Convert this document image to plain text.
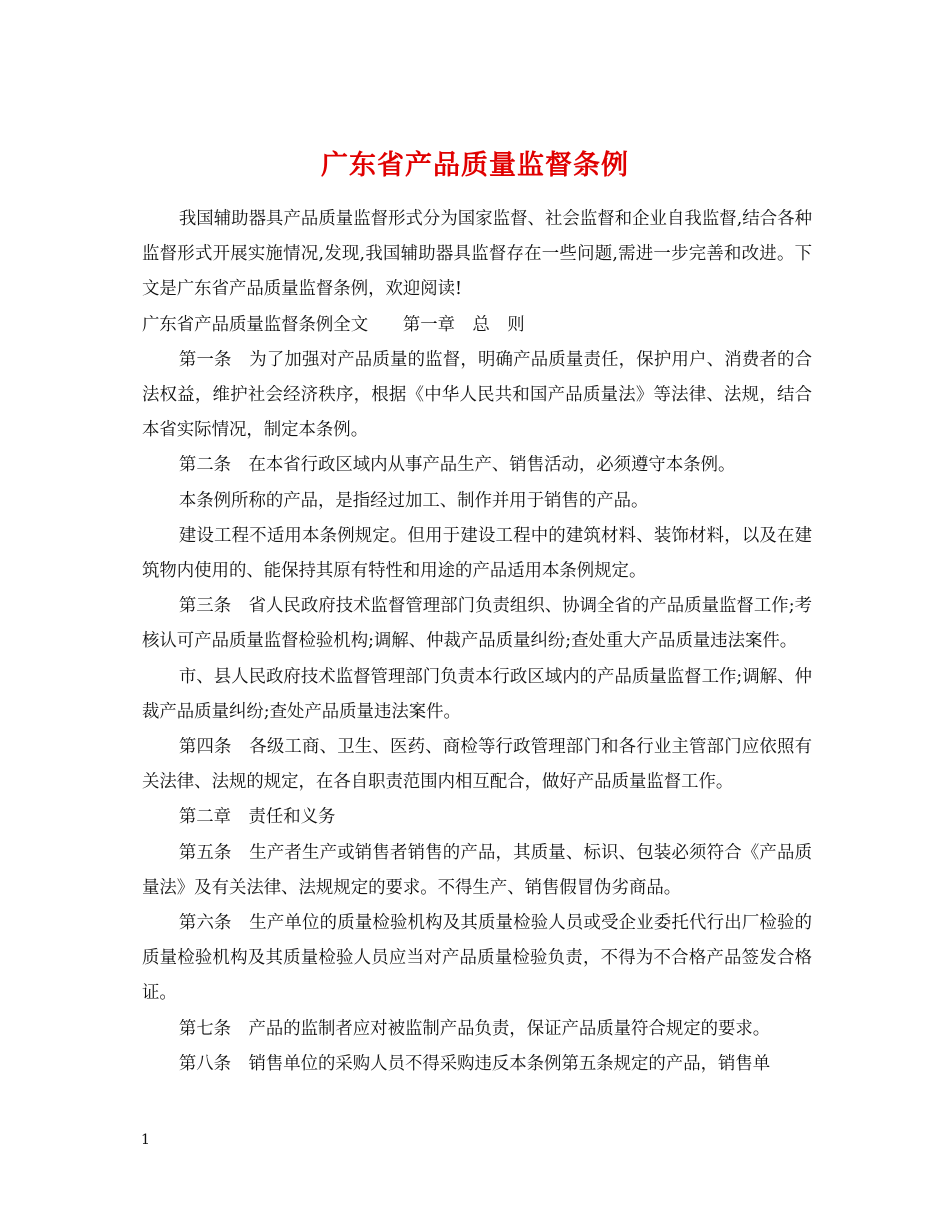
广东省产品质量监督条例

我国辅助器具产品质量监督形式分为国家监督、社会监督和企业自我监督,结合各种监督形式开展实施情况,发现,我国辅助器具监督存在一些问题,需进一步完善和改进。下文是广东省产品质量监督条例，欢迎阅读!

广东省产品质量监督条例全文　　第一章　总　则

第一条　为了加强对产品质量的监督，明确产品质量责任，保护用户、消费者的合法权益，维护社会经济秩序，根据《中华人民共和国产品质量法》等法律、法规，结合本省实际情况，制定本条例。

第二条　在本省行政区域内从事产品生产、销售活动，必须遵守本条例。

本条例所称的产品，是指经过加工、制作并用于销售的产品。

建设工程不适用本条例规定。但用于建设工程中的建筑材料、装饰材料，以及在建筑物内使用的、能保持其原有特性和用途的产品适用本条例规定。

第三条　省人民政府技术监督管理部门负责组织、协调全省的产品质量监督工作;考核认可产品质量监督检验机构;调解、仲裁产品质量纠纷;查处重大产品质量违法案件。

市、县人民政府技术监督管理部门负责本行政区域内的产品质量监督工作;调解、仲裁产品质量纠纷;查处产品质量违法案件。

第四条　各级工商、卫生、医药、商检等行政管理部门和各行业主管部门应依照有关法律、法规的规定，在各自职责范围内相互配合，做好产品质量监督工作。

第二章　责任和义务

第五条　生产者生产或销售者销售的产品，其质量、标识、包装必须符合《产品质量法》及有关法律、法规规定的要求。不得生产、销售假冒伪劣商品。

第六条　生产单位的质量检验机构及其质量检验人员或受企业委托代行出厂检验的质量检验机构及其质量检验人员应当对产品质量检验负责，不得为不合格产品签发合格证。

第七条　产品的监制者应对被监制产品负责，保证产品质量符合规定的要求。

第八条　销售单位的采购人员不得采购违反本条例第五条规定的产品，销售单

1
